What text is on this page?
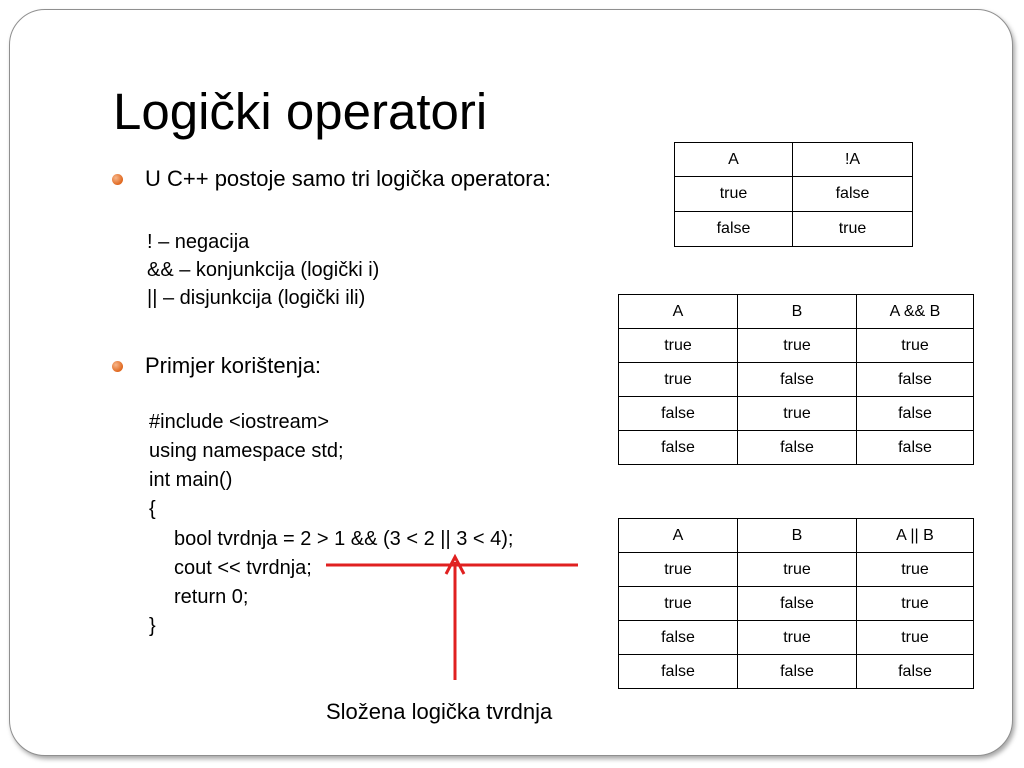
Logički operatori
U C++ postoje samo tri logička operatora:
! – negacija
&& – konjunkcija (logički i)
|| – disjunkcija (logički ili)
Primjer korištenja:
#include <iostream>
using namespace std;
int main()
{
bool tvrdnja = 2 > 1 && (3 < 2 || 3 < 4);
cout << tvrdnja;
return 0;
}
Složena logička tvrdnja
A	!A
true	false
false	true
A	B	A && B
true	true	true
true	false	false
false	true	false
false	false	false
A	B	A || B
true	true	true
true	false	true
false	true	true
false	false	false
